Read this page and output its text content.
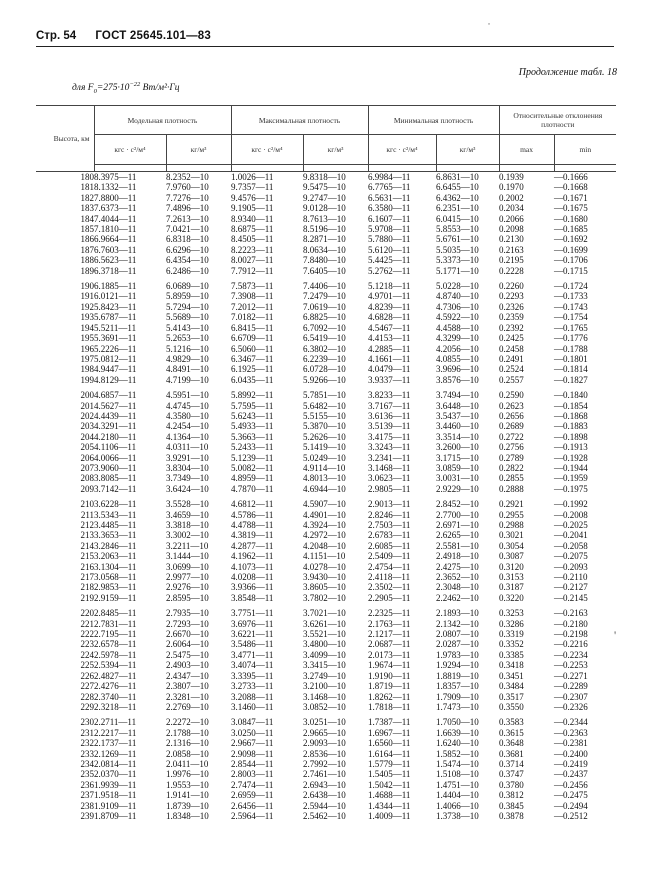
Стр. 54 ГОСТ 25645.101—83
Продолжение табл. 18
для $F_0=275\cdot 10^{-22}$ Вт/м²·Гц
Высота, км	Модельная плотность		Максимальная плотность		Минимальная плотность		Относительные отклонения плотности	
	кгс · с²/м⁴	кг/м³	кгс · с²/м⁴	кг/м³	кгс · с²/м⁴	кг/м³	max	min

180	8.3975—11	8.2352—10	1.0026—11	9.8318—10	6.9984—11	6.8631—10	0.1939	—0.1666
181	8.1332—11	7.9760—10	9.7357—11	9.5475—10	6.7765—11	6.6455—10	0.1970	—0.1668
182	7.8800—11	7.7276—10	9.4576—11	9.2747—10	6.5631—11	6.4362—10	0.2002	—0.1671
183	7.6373—11	7.4896—10	9.1905—11	9.0128—10	6.3580—11	6.2351—10	0.2034	—0.1675
184	7.4044—11	7.2613—10	8.9340—11	8.7613—10	6.1607—11	6.0415—10	0.2066	—0.1680
185	7.1810—11	7.0421—10	8.6875—11	8.5196—10	5.9708—11	5.8553—10	0.2098	—0.1685
186	6.9664—11	6.8318—10	8.4505—11	8.2871—10	5.7880—11	5.6761—10	0.2130	—0.1692
187	6.7603—11	6.6296—10	8.2223—11	8.0634—10	5.6120—11	5.5035—10	0.2163	—0.1699
188	6.5623—11	6.4354—10	8.0027—11	7.8480—10	5.4425—11	5.3373—10	0.2195	—0.1706
189	6.3718—11	6.2486—10	7.7912—11	7.6405—10	5.2762—11	5.1771—10	0.2228	—0.1715

190	6.1885—11	6.0689—10	7.5873—11	7.4406—10	5.1218—11	5.0228—10	0.2260	—0.1724
191	6.0121—11	5.8959—10	7.3908—11	7.2479—10	4.9701—11	4.8740—10	0.2293	—0.1733
192	5.8423—11	5.7294—10	7.2012—11	7.0619—10	4.8239—11	4.7306—10	0.2326	—0.1743
193	5.6787—11	5.5689—10	7.0182—11	6.8825—10	4.6828—11	4.5922—10	0.2359	—0.1754
194	5.5211—11	5.4143—10	6.8415—11	6.7092—10	4.5467—11	4.4588—10	0.2392	—0.1765
195	5.3691—11	5.2653—10	6.6709—11	6.5419—10	4.4153—11	4.3299—10	0.2425	—0.1776
196	5.2226—11	5.1216—10	6.5060—11	6.3802—10	4.2885—11	4.2056—10	0.2458	—0.1788
197	5.0812—11	4.9829—10	6.3467—11	6.2239—10	4.1661—11	4.0855—10	0.2491	—0.1801
198	4.9447—11	4.8491—10	6.1925—11	6.0728—10	4.0479—11	3.9696—10	0.2524	—0.1814
199	4.8129—11	4.7199—10	6.0435—11	5.9266—10	3.9337—11	3.8576—10	0.2557	—0.1827

200	4.6857—11	4.5951—10	5.8992—11	5.7851—10	3.8233—11	3.7494—10	0.2590	—0.1840
201	4.5627—11	4.4745—10	5.7595—11	5.6482—10	3.7167—11	3.6448—10	0.2623	—0.1854
202	4.4439—11	4.3580—10	5.6243—11	5.5155—10	3.6136—11	3.5437—10	0.2656	—0.1868
203	4.3291—11	4.2454—10	5.4933—11	5.3870—10	3.5139—11	3.4460—10	0.2689	—0.1883
204	4.2180—11	4.1364—10	5.3663—11	5.2626—10	3.4175—11	3.3514—10	0.2722	—0.1898
205	4.1106—11	4.0311—10	5.2433—11	5.1419—10	3.3243—11	3.2600—10	0.2756	—0.1913
206	4.0066—11	3.9291—10	5.1239—11	5.0249—10	3.2341—11	3.1715—10	0.2789	—0.1928
207	3.9060—11	3.8304—10	5.0082—11	4.9114—10	3.1468—11	3.0859—10	0.2822	—0.1944
208	3.8085—11	3.7349—10	4.8959—11	4.8013—10	3.0623—11	3.0031—10	0.2855	—0.1959
209	3.7142—11	3.6424—10	4.7870—11	4.6944—10	2.9805—11	2.9229—10	0.2888	—0.1975

210	3.6228—11	3.5528—10	4.6812—11	4.5907—10	2.9013—11	2.8452—10	0.2921	—0.1992
211	3.5343—11	3.4659—10	4.5786—11	4.4901—10	2.8246—11	2.7700—10	0.2955	—0.2008
212	3.4485—11	3.3818—10	4.4788—11	4.3924—10	2.7503—11	2.6971—10	0.2988	—0.2025
213	3.3653—11	3.3002—10	4.3819—11	4.2972—10	2.6783—11	2.6265—10	0.3021	—0.2041
214	3.2846—11	3.2211—10	4.2877—11	4.2048—10	2.6085—11	2.5581—10	0.3054	—0.2058
215	3.2063—11	3.1444—10	4.1962—11	4.1151—10	2.5409—11	2.4918—10	0.3087	—0.2075
216	3.1304—11	3.0699—10	4.1073—11	4.0278—10	2.4754—11	2.4275—10	0.3120	—0.2093
217	3.0568—11	2.9977—10	4.0208—11	3.9430—10	2.4118—11	2.3652—10	0.3153	—0.2110
218	2.9853—11	2.9276—10	3.9366—11	3.8605—10	2.3502—11	2.3048—10	0.3187	—0.2127
219	2.9159—11	2.8595—10	3.8548—11	3.7802—10	2.2905—11	2.2462—10	0.3220	—0.2145

220	2.8485—11	2.7935—10	3.7751—11	3.7021—10	2.2325—11	2.1893—10	0.3253	—0.2163
221	2.7831—11	2.7293—10	3.6976—11	3.6261—10	2.1763—11	2.1342—10	0.3286	—0.2180
222	2.7195—11	2.6670—10	3.6221—11	3.5521—10	2.1217—11	2.0807—10	0.3319	—0.2198
223	2.6578—11	2.6064—10	3.5486—11	3.4800—10	2.0687—11	2.0287—10	0.3352	—0.2216
224	2.5978—11	2.5475—10	3.4771—11	3.4099—10	2.0173—11	1.9783—10	0.3385	—0.2234
225	2.5394—11	2.4903—10	3.4074—11	3.3415—10	1.9674—11	1.9294—10	0.3418	—0.2253
226	2.4827—11	2.4347—10	3.3395—11	3.2749—10	1.9190—11	1.8819—10	0.3451	—0.2271
227	2.4276—11	2.3807—10	3.2733—11	3.2100—10	1.8719—11	1.8357—10	0.3484	—0.2289
228	2.3740—11	2.3281—10	3.2088—11	3.1468—10	1.8262—11	1.7909—10	0.3517	—0.2307
229	2.3218—11	2.2769—10	3.1460—11	3.0852—10	1.7818—11	1.7473—10	0.3550	—0.2326

230	2.2711—11	2.2272—10	3.0847—11	3.0251—10	1.7387—11	1.7050—10	0.3583	—0.2344
231	2.2217—11	2.1788—10	3.0250—11	2.9665—10	1.6967—11	1.6639—10	0.3615	—0.2363
232	2.1737—11	2.1316—10	2.9667—11	2.9093—10	1.6560—11	1.6240—10	0.3648	—0.2381
233	2.1269—11	2.0858—10	2.9098—11	2.8536—10	1.6164—11	1.5852—10	0.3681	—0.2400
234	2.0814—11	2.0411—10	2.8544—11	2.7992—10	1.5779—11	1.5474—10	0.3714	—0.2419
235	2.0370—11	1.9976—10	2.8003—11	2.7461—10	1.5405—11	1.5108—10	0.3747	—0.2437
236	1.9939—11	1.9553—10	2.7474—11	2.6943—10	1.5042—11	1.4751—10	0.3780	—0.2456
237	1.9518—11	1.9141—10	2.6959—11	2.6438—10	1.4688—11	1.4404—10	0.3812	—0.2475
238	1.9109—11	1.8739—10	2.6456—11	2.5944—10	1.4344—11	1.4066—10	0.3845	—0.2494
239	1.8709—11	1.8348—10	2.5964—11	2.5462—10	1.4009—11	1.3738—10	0.3878	—0.2512
˙
'
